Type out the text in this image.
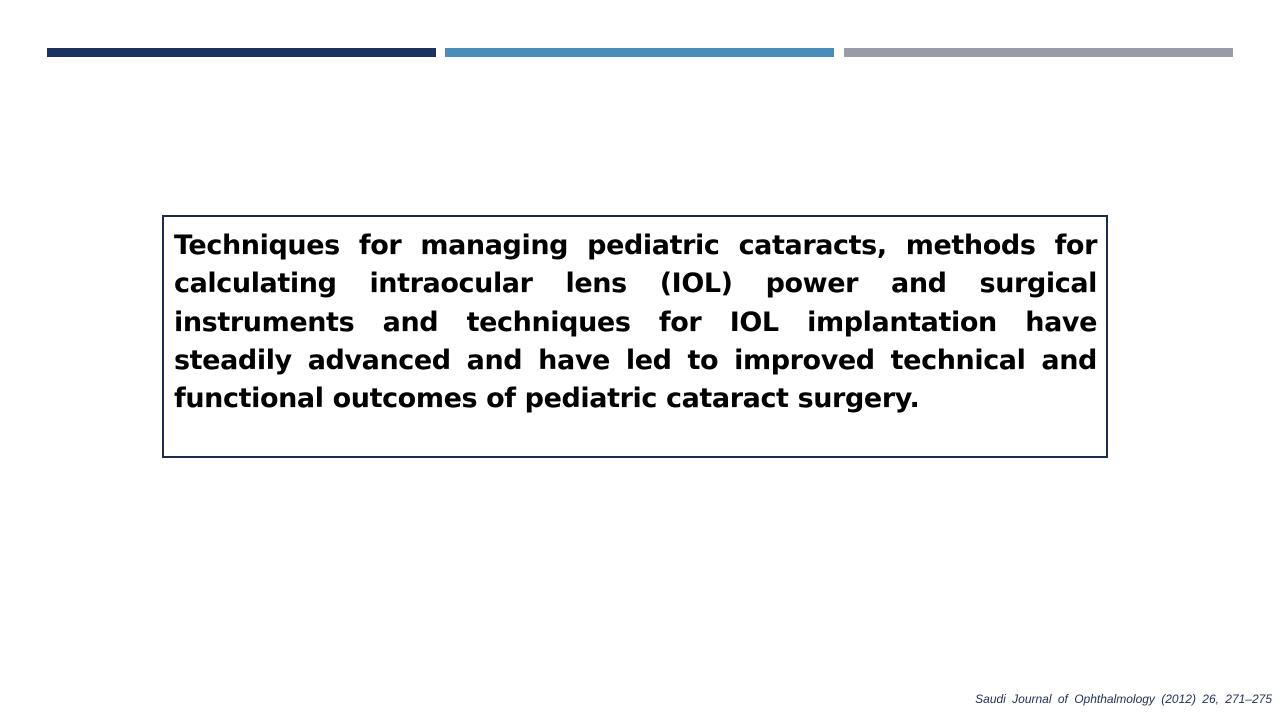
Techniques for managing pediatric cataracts, methods for calculating intraocular lens (IOL) power and surgical instruments and techniques for IOL implantation have steadily advanced and have led to improved technical and functional outcomes of pediatric cataract surgery.

Saudi Journal of Ophthalmology (2012) 26, 271–275
